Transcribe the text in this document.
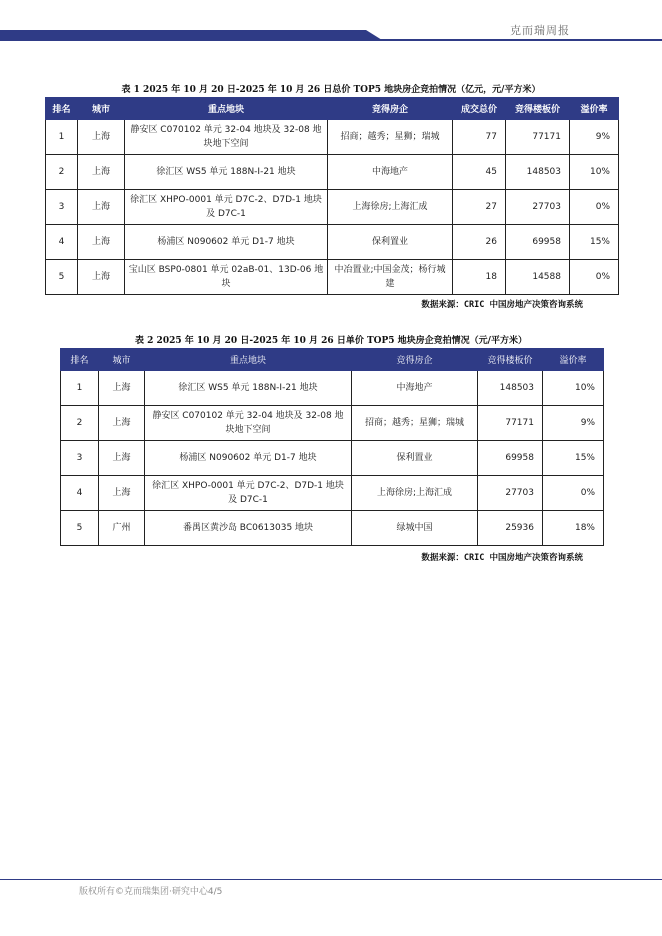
克而瑞周报
表 1 2025 年 10 月 20 日-2025 年 10 月 26 日总价 TOP5 地块房企竞拍情况（亿元，元/平方米）
排名	城市	重点地块	竞得房企	成交总价	竞得楼板价	溢价率
1	上海	静安区 C070102 单元 32-04 地块及 32-08 地块地下空间	招商；越秀；星狮；瑞城	77	77171	9%
2	上海	徐汇区 WS5 单元 188N-I-21 地块	中海地产	45	148503	10%
3	上海	徐汇区 XHPO-0001 单元 D7C-2、D7D-1 地块及 D7C-1	上海徐房;上海汇成	27	27703	0%
4	上海	杨浦区 N090602 单元 D1-7 地块	保利置业	26	69958	15%
5	上海	宝山区 BSP0-0801 单元 02aB-01、13D-06 地块	中冶置业;中国金茂；杨行城建	18	14588	0%
数据来源：CRIC 中国房地产决策咨询系统
表 2 2025 年 10 月 20 日-2025 年 10 月 26 日单价 TOP5 地块房企竞拍情况（元/平方米）
排名	城市	重点地块	竞得房企	竞得楼板价	溢价率
1	上海	徐汇区 WS5 单元 188N-I-21 地块	中海地产	148503	10%
2	上海	静安区 C070102 单元 32-04 地块及 32-08 地块地下空间	招商；越秀；星狮；瑞城	77171	9%
3	上海	杨浦区 N090602 单元 D1-7 地块	保利置业	69958	15%
4	上海	徐汇区 XHPO-0001 单元 D7C-2、D7D-1 地块及 D7C-1	上海徐房;上海汇成	27703	0%
5	广州	番禺区黄沙岛 BC0613035 地块	绿城中国	25936	18%
数据来源：CRIC 中国房地产决策咨询系统
版权所有©克而瑞集团·研究中心4/5
